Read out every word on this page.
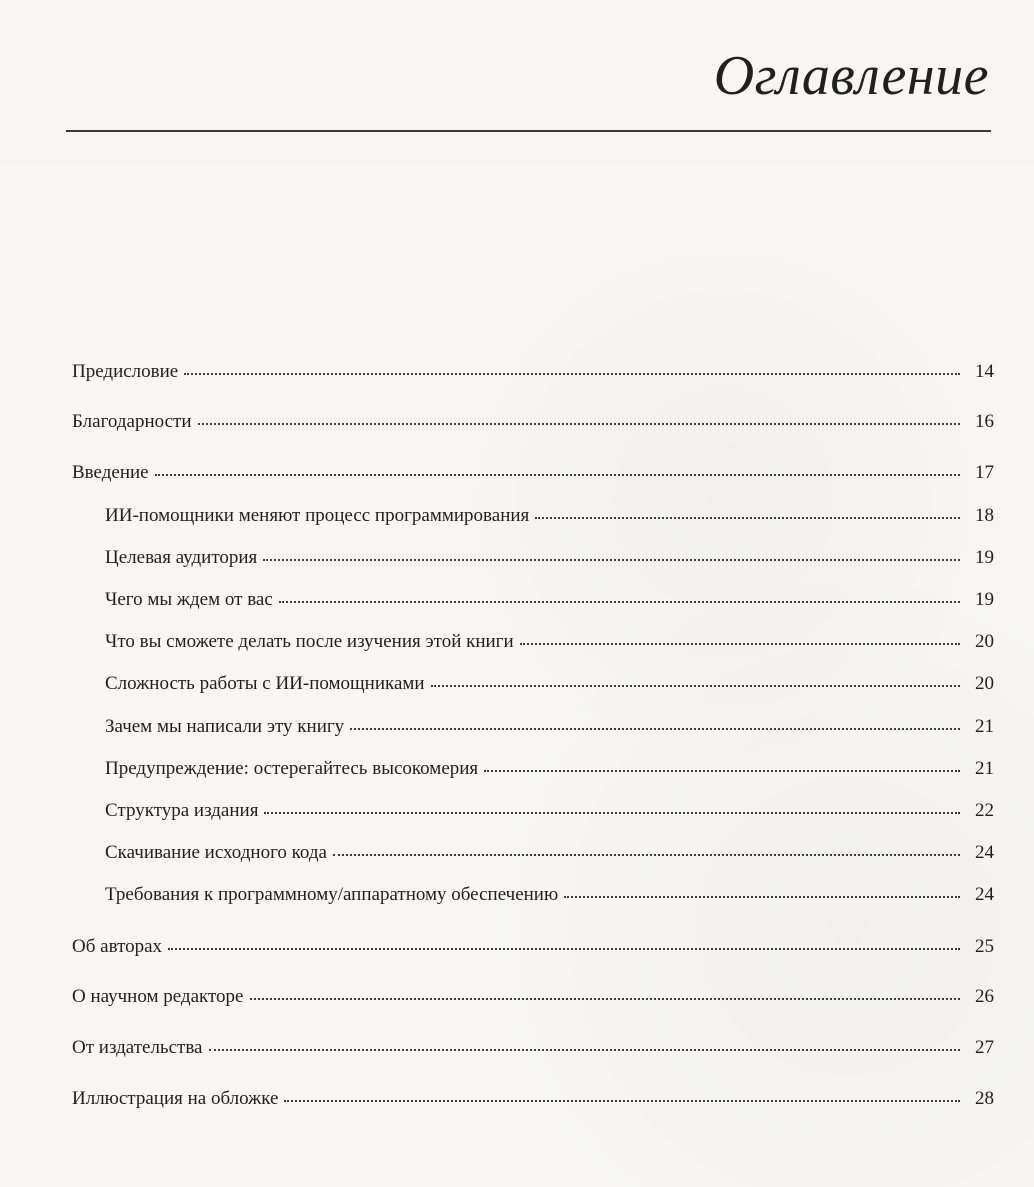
Оглавление
Предисловие	14
Благодарности	16
Введение	17
ИИ-помощники меняют процесс программирования	18
Целевая аудитория	19
Чего мы ждем от вас	19
Что вы сможете делать после изучения этой книги	20
Сложность работы с ИИ-помощниками	20
Зачем мы написали эту книгу	21
Предупреждение: остерегайтесь высокомерия	21
Структура издания	22
Скачивание исходного кода	24
Требования к программному/аппаратному обеспечению	24
Об авторах	25
О научном редакторе	26
От издательства	27
Иллюстрация на обложке	28
